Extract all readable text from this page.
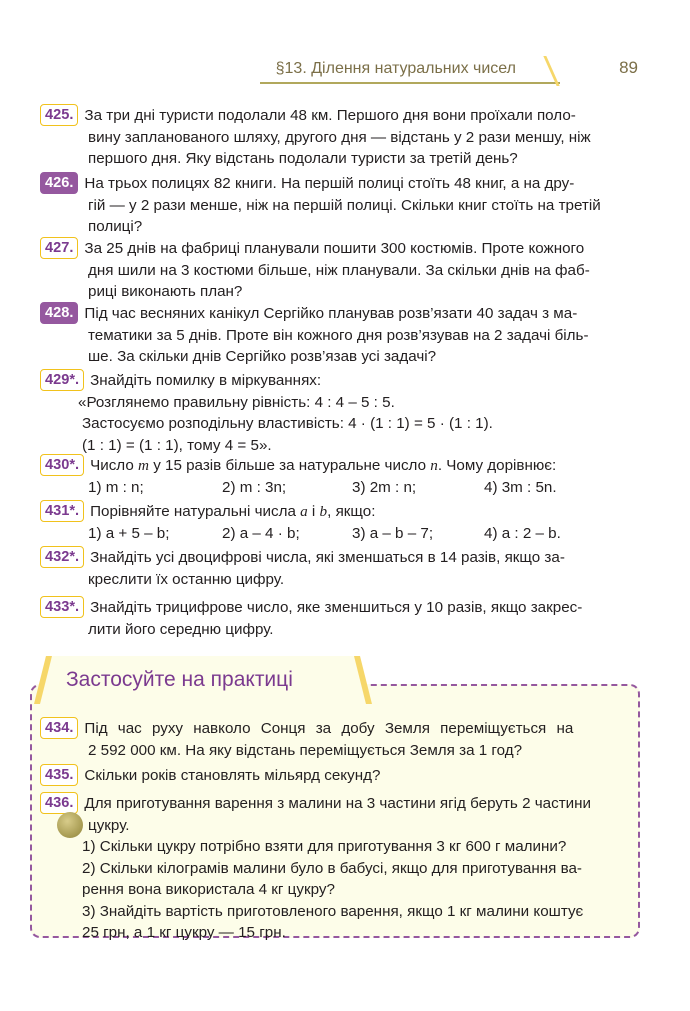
§13. Ділення натуральних чисел	89
425. За три дні туристи подолали 48 км. Першого дня вони проїхали поло-
вину запланованого шляху, другого дня — відстань у 2 рази меншу, ніж
першого дня. Яку відстань подолали туристи за третій день?
426. На трьох полицях 82 книги. На першій полиці стоїть 48 книг, а на дру-
гій — у 2 рази менше, ніж на першій полиці. Скільки книг стоїть на третій
полиці?
427. За 25 днів на фабриці планували пошити 300 костюмів. Проте кожного
дня шили на 3 костюми більше, ніж планували. За скільки днів на фаб-
риці виконають план?
428. Під час весняних канікул Сергійко планував розв’язати 40 задач з ма-
тематики за 5 днів. Проте він кожного дня розв’язував на 2 задачі біль-
ше. За скільки днів Сергійко розв’язав усі задачі?
429*. Знайдіть помилку в міркуваннях:
«Розглянемо правильну рівність: 4 : 4 – 5 : 5.
Застосуємо розподільну властивість: 4 · (1 : 1) = 5 · (1 : 1).
(1 : 1) = (1 : 1), тому 4 = 5».
430*. Число m у 15 разів більше за натуральне число n. Чому дорівнює:
1) m : n;	2) m : 3n;	3) 2m : n;	4) 3m : 5n.
431*. Порівняйте натуральні числа a і b, якщо:
1) a + 5 – b;	2) a – 4 · b;	3) a – b – 7;	4) a : 2 – b.
432*. Знайдіть усі двоцифрові числа, які зменшаться в 14 разів, якщо за-
креслити їх останню цифру.
433*. Знайдіть трицифрове число, яке зменшиться у 10 разів, якщо закрес-
лити його середню цифру.
Застосуйте на практиці
434. Під час руху навколо Сонця за добу Земля переміщується на
2 592 000 км. На яку відстань переміщується Земля за 1 год?
435. Скільки років становлять мільярд секунд?
436. Для приготування варення з малини на 3 частини ягід беруть 2 частини
цукру.
1) Скільки цукру потрібно взяти для приготування 3 кг 600 г малини?
2) Скільки кілограмів малини було в бабусі, якщо для приготування ва-
рення вона використала 4 кг цукру?
3) Знайдіть вартість приготовленого варення, якщо 1 кг малини коштує
25 грн, а 1 кг цукру — 15 грн.
